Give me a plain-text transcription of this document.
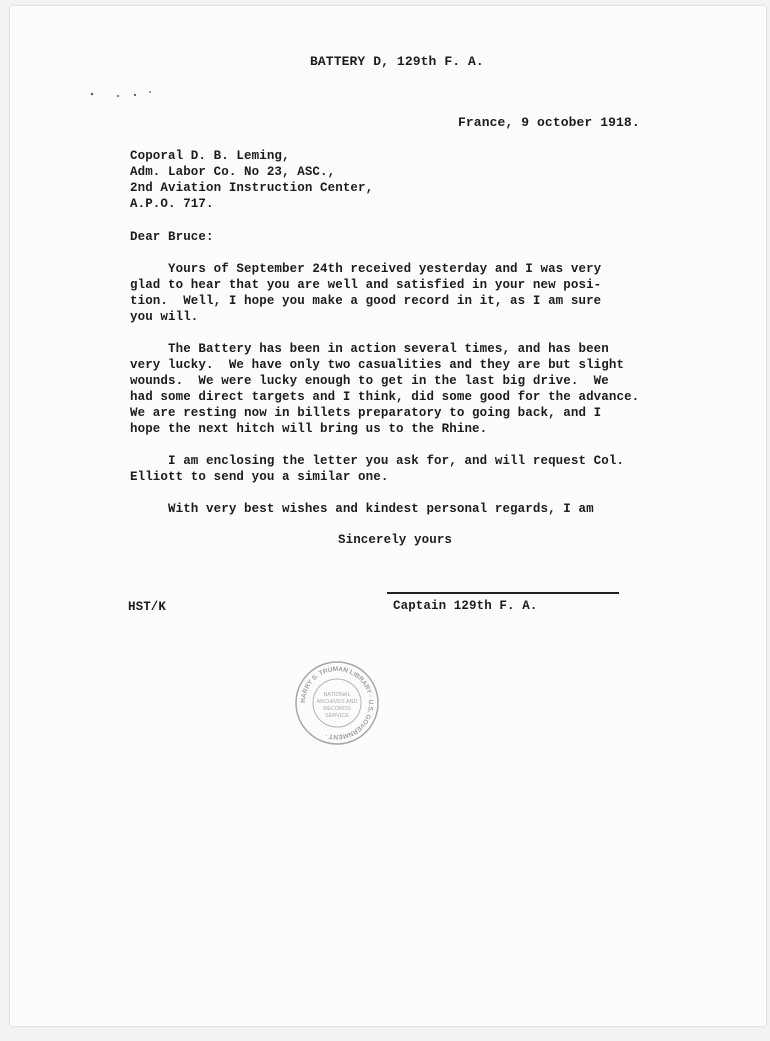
BATTERY D, 129th F. A.
France, 9 october 1918.
Coporal D. B. Leming,
Adm. Labor Co. No 23, ASC.,
2nd Aviation Instruction Center,
A.P.O. 717.
Dear Bruce:
Yours of September 24th received yesterday and I was very
glad to hear that you are well and satisfied in your new posi-
tion.  Well, I hope you make a good record in it, as I am sure
you will.
The Battery has been in action several times, and has been
very lucky.  We have only two casualities and they are but slight
wounds.  We were lucky enough to get in the last big drive.  We
had some direct targets and I think, did some good for the advance.
We are resting now in billets preparatory to going back, and I
hope the next hitch will bring us to the Rhine.
I am enclosing the letter you ask for, and will request Col.
Elliott to send you a similar one.
With very best wishes and kindest personal regards, I am
Sincerely yours
HST/K	Captain 129th F. A.
HARRY S. TRUMAN LIBRARY · U.S. GOVERNMENT ·
NATIONAL
ARCHIVES AND
RECORDS
SERVICE
